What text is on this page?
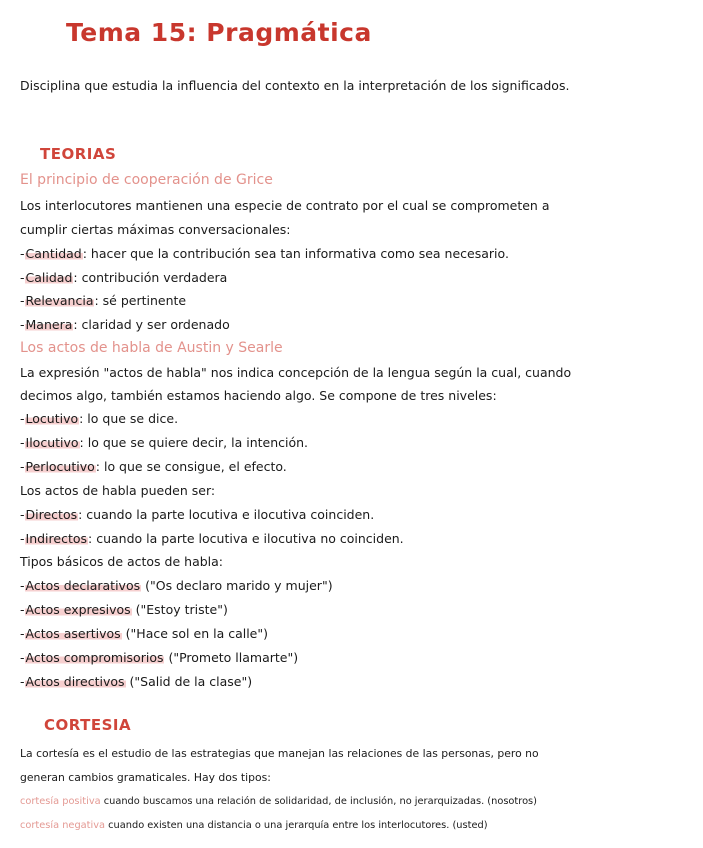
Tema 15: Pragmática
Disciplina que estudia la influencia del contexto en la interpretación de los significados.
TEORIAS
El principio de cooperación de Grice
Los interlocutores mantienen una especie de contrato por el cual se comprometen a
cumplir ciertas máximas conversacionales:
-Cantidad: hacer que la contribución sea tan informativa como sea necesario.
-Calidad: contribución verdadera
-Relevancia: sé pertinente
-Manera: claridad y ser ordenado
Los actos de habla de Austin y Searle
La expresión "actos de habla" nos indica concepción de la lengua según la cual, cuando
decimos algo, también estamos haciendo algo. Se compone de tres niveles:
-Locutivo: lo que se dice.
-Ilocutivo: lo que se quiere decir, la intención.
-Perlocutivo: lo que se consigue, el efecto.
Los actos de habla pueden ser:
-Directos: cuando la parte locutiva e ilocutiva coinciden.
-Indirectos: cuando la parte locutiva e ilocutiva no coinciden.
Tipos básicos de actos de habla:
-Actos declarativos ("Os declaro marido y mujer")
-Actos expresivos ("Estoy triste")
-Actos asertivos ("Hace sol en la calle")
-Actos compromisorios ("Prometo llamarte")
-Actos directivos ("Salid de la clase")
CORTESIA
La cortesía es el estudio de las estrategias que manejan las relaciones de las personas, pero no
generan cambios gramaticales. Hay dos tipos:
cortesía positiva cuando buscamos una relación de solidaridad, de inclusión, no jerarquizadas. (nosotros)
cortesía negativa cuando existen una distancia o una jerarquía entre los interlocutores. (usted)
